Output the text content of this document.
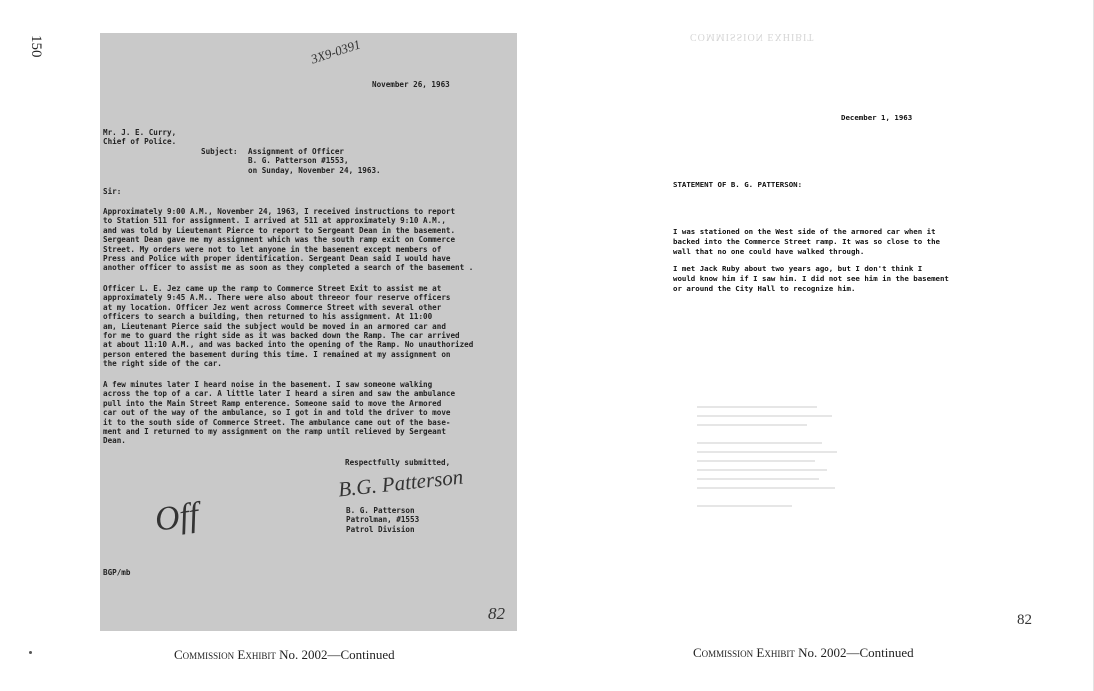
150	3X9-0391
November 26, 1963
Mr. J. E. Curry,
Chief of Police.
Subject: Assignment of Officer
B. G. Patterson #1553,
on Sunday, November 24, 1963.
Sir:
Approximately 9:00 A.M., November 24, 1963, I received instructions to report
to Station 511 for assignment. I arrived at 511 at approximately 9:10 A.M.,
and was told by Lieutenant Pierce to report to Sergeant Dean in the basement.
Sergeant Dean gave me my assignment which was the south ramp exit on Commerce
Street. My orders were not to let anyone in the basement except members of
Press and Police with proper identification. Sergeant Dean said I would have
another officer to assist me as soon as they completed a search of the basement .
Officer L. E. Jez came up the ramp to Commerce Street Exit to assist me at
approximately 9:45 A.M.. There were also about threeor four reserve officers
at my location. Officer Jez went across Commerce Street with several other
officers to search a building, then returned to his assignment. At 11:00
am, Lieutenant Pierce said the subject would be moved in an armored car and
for me to guard the right side as it was backed down the Ramp. The car arrived
at about 11:10 A.M., and was backed into the opening of the Ramp. No unauthorized
person entered the basement during this time. I remained at my assignment on
the right side of the car.
A few minutes later I heard noise in the basement. I saw someone walking
across the top of a car. A little later I heard a siren and saw the ambulance
pull into the Main Street Ramp enterence. Someone said to move the Armored
car out of the way of the ambulance, so I got in and told the driver to move
it to the south side of Commerce Street. The ambulance came out of the base-
ment and I returned to my assignment on the ramp until relieved by Sergeant
Dean.
Respectfully submitted,
B.G. Patterson
B. G. Patterson
Patrolman, #1553
Patrol Division
Off
BGP/mb
82
Commission Exhibit No. 2002—Continued
COMMISSION EXHIBIT
December 1, 1963
STATEMENT OF B. G. PATTERSON:
I was stationed on the West side of the armored car when it
backed into the Commerce Street ramp. It was so close to the
wall that no one could have walked through.
I met Jack Ruby about two years ago, but I don't think I
would know him if I saw him. I did not see him in the basement
or around the City Hall to recognize him.
82
Commission Exhibit No. 2002—Continued
